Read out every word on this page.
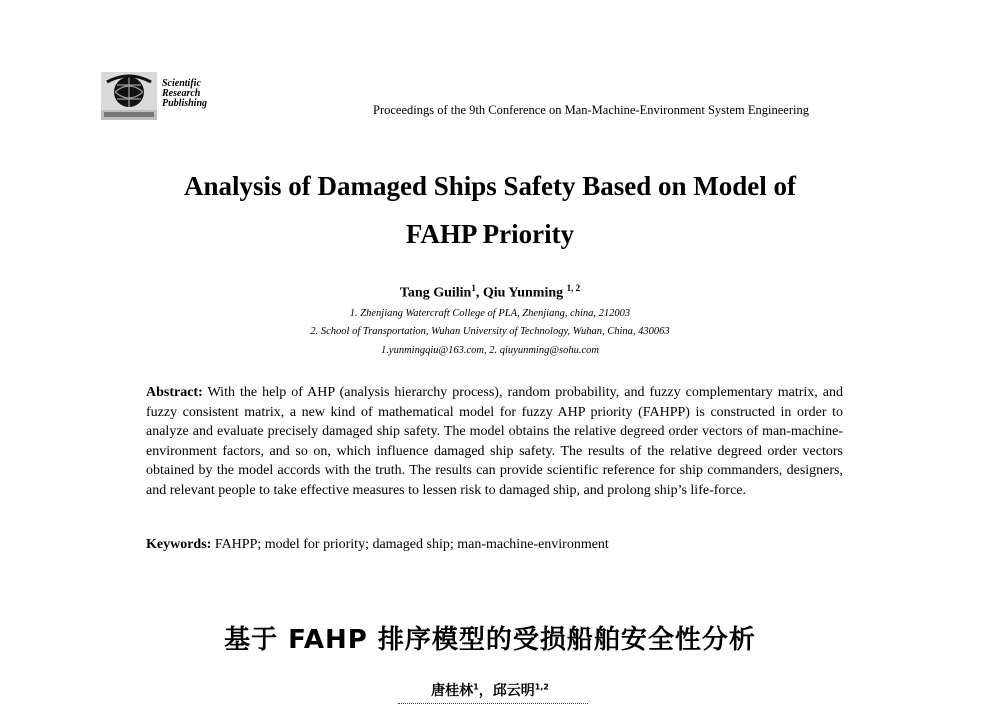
Scientific
Research
Publishing	Proceedings of the 9th Conference on Man-Machine-Environment System Engineering
Analysis of Damaged Ships Safety Based on Model of
FAHP Priority
Tang Guilin$^1$, Qiu Yunming $^{1, 2}$
1. Zhenjiang Watercraft College of PLA, Zhenjiang, china, 212003
2. School of Transportation, Wuhan University of Technology, Wuhan, China, 430063
1.yunmingqiu@163.com, 2. qiuyunming@sohu.com
Abstract: With the help of AHP (analysis hierarchy process), random probability, and fuzzy complementary matrix, and fuzzy consistent matrix, a new kind of mathematical model for fuzzy AHP priority (FAHPP) is constructed in order to analyze and evaluate precisely damaged ship safety. The model obtains the relative degreed order vectors of man-machine-environment factors, and so on, which influence damaged ship safety. The results of the relative degreed order vectors obtained by the model accords with the truth. The results can provide scientific reference for ship commanders, designers, and relevant people to take effective measures to lessen risk to damaged ship, and prolong ship’s life-force.
Keywords: FAHPP; model for priority; damaged ship; man-machine-environment
基于 FAHP 排序模型的受损船舶安全性分析
唐桂林$^1$，邱云明$^{1,2}$
